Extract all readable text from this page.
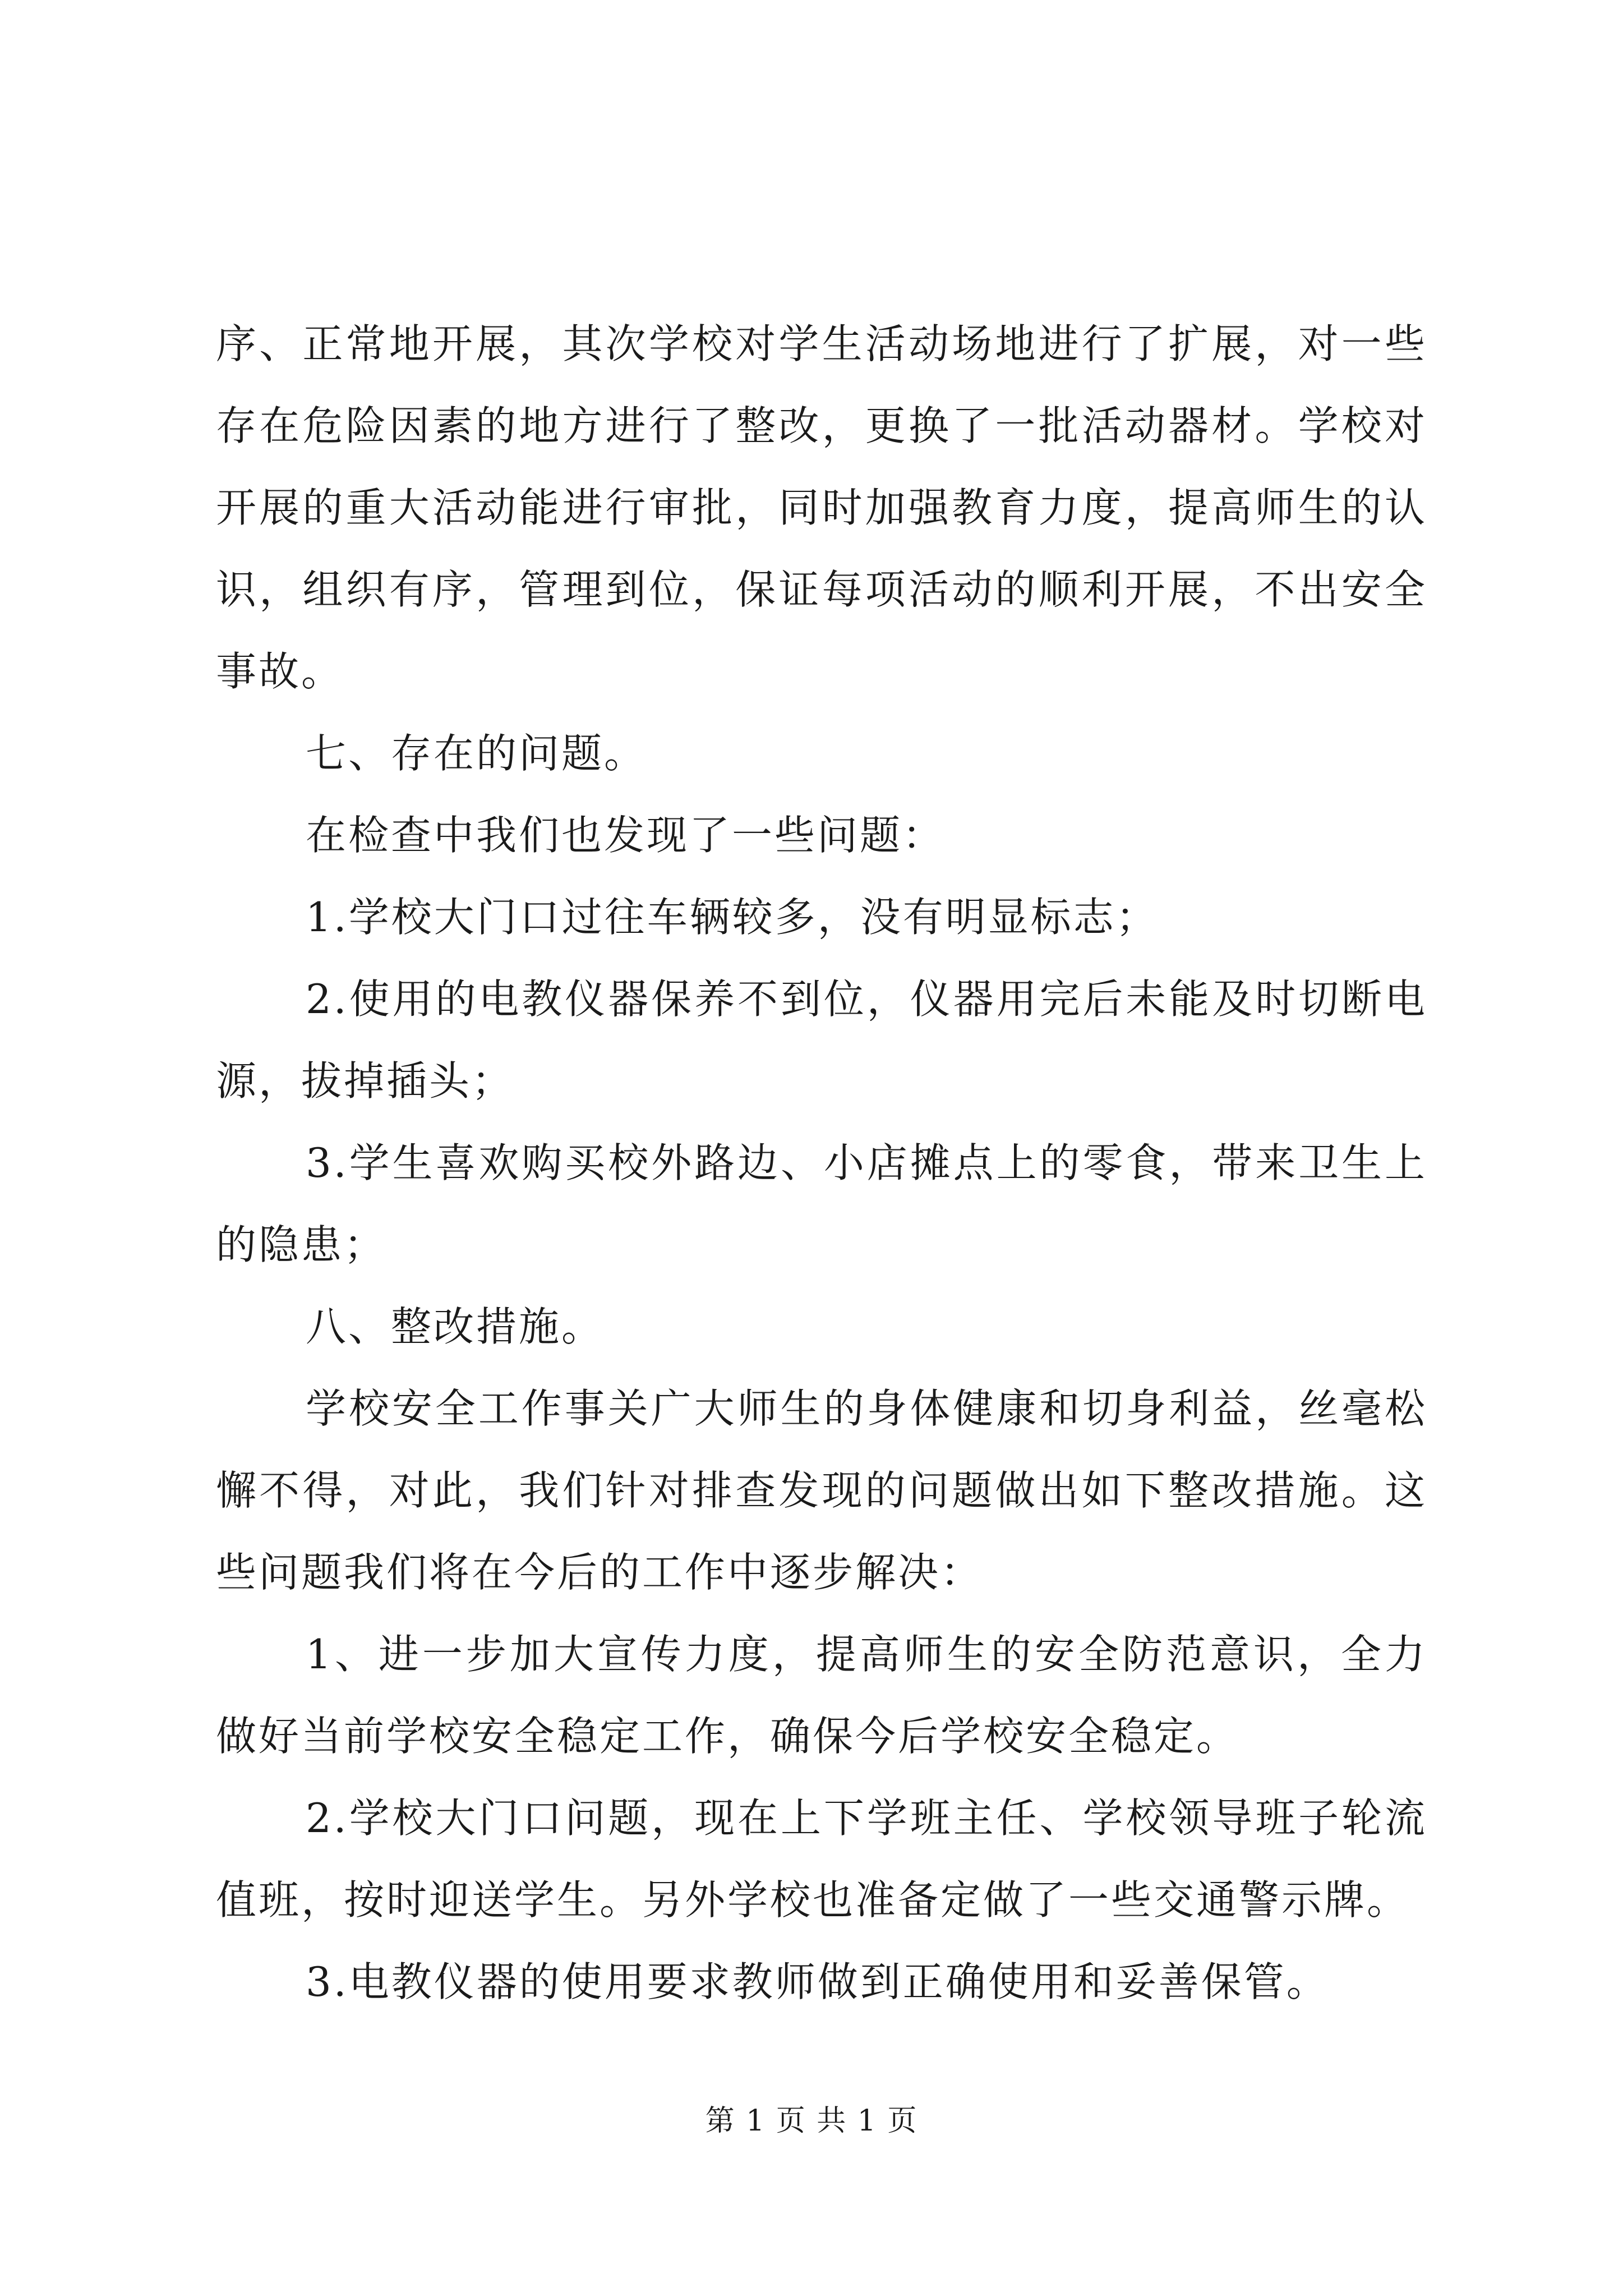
序、正常地开展，其次学校对学生活动场地进行了扩展，对一些存在危险因素的地方进行了整改，更换了一批活动器材。学校对开展的重大活动能进行审批，同时加强教育力度，提高师生的认识，组织有序，管理到位，保证每项活动的顺利开展，不出安全事故。

七、存在的问题。

在检查中我们也发现了一些问题：

1.学校大门口过往车辆较多，没有明显标志；

2.使用的电教仪器保养不到位，仪器用完后未能及时切断电源，拔掉插头；

3.学生喜欢购买校外路边、小店摊点上的零食，带来卫生上的隐患；

八、整改措施。

学校安全工作事关广大师生的身体健康和切身利益，丝毫松懈不得，对此，我们针对排查发现的问题做出如下整改措施。这些问题我们将在今后的工作中逐步解决：

1、进一步加大宣传力度，提高师生的安全防范意识，全力做好当前学校安全稳定工作，确保今后学校安全稳定。

2.学校大门口问题，现在上下学班主任、学校领导班子轮流值班，按时迎送学生。另外学校也准备定做了一些交通警示牌。

3.电教仪器的使用要求教师做到正确使用和妥善保管。

第 1 页 共 1 页
